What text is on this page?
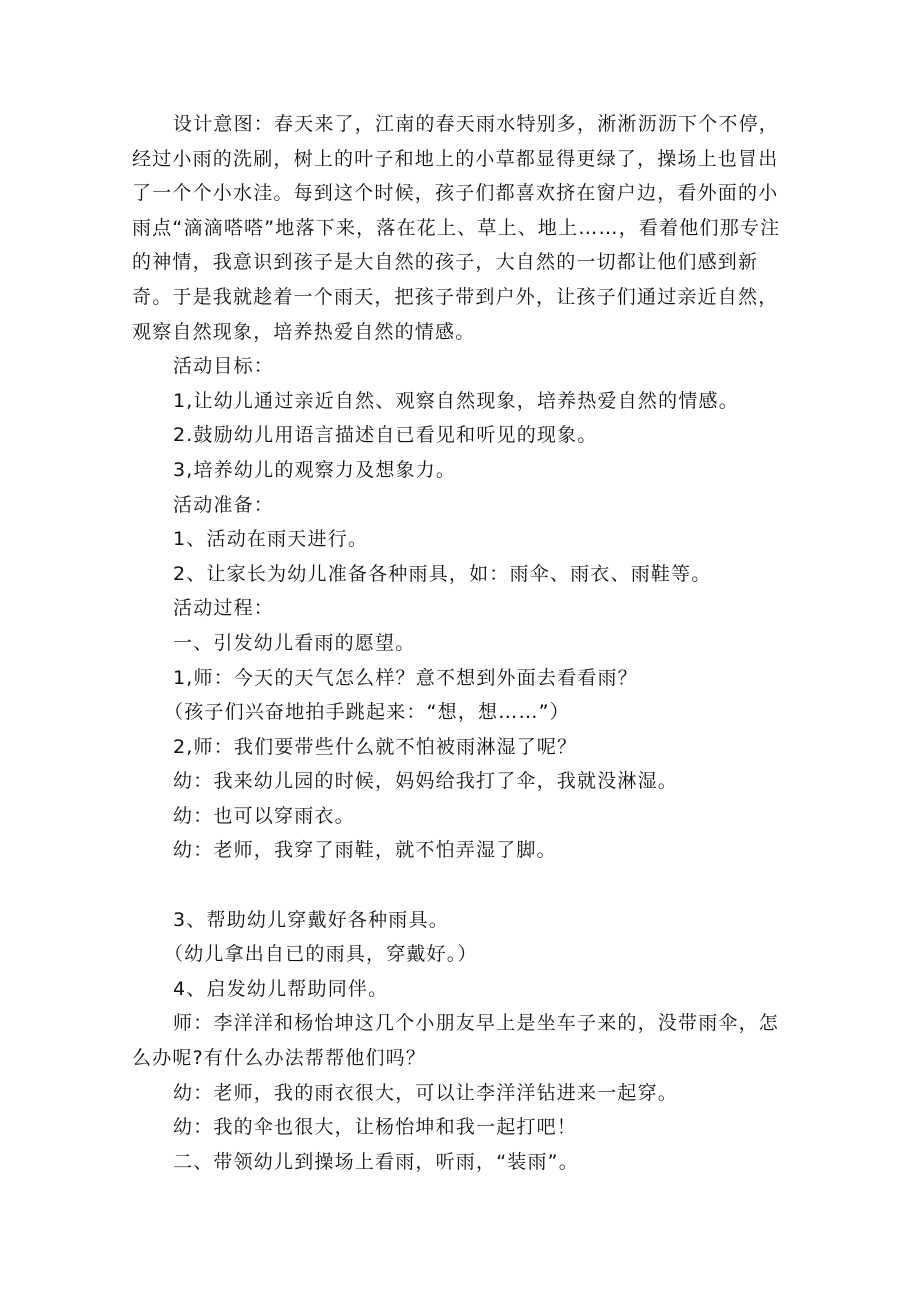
设计意图：春天来了，江南的春天雨水特别多，淅淅沥沥下个不停，经过小雨的洗刷，树上的叶子和地上的小草都显得更绿了，操场上也冒出了一个个小水洼。每到这个时候，孩子们都喜欢挤在窗户边，看外面的小雨点“滴滴嗒嗒”地落下来，落在花上、草上、地上……，看着他们那专注的神情，我意识到孩子是大自然的孩子，大自然的一切都让他们感到新奇。于是我就趁着一个雨天，把孩子带到户外，让孩子们通过亲近自然，观察自然现象，培养热爱自然的情感。

活动目标：

1,让幼儿通过亲近自然、观察自然现象，培养热爱自然的情感。

2.鼓励幼儿用语言描述自已看见和听见的现象。

3,培养幼儿的观察力及想象力。

活动准备：

1、活动在雨天进行。

2、让家长为幼儿准备各种雨具，如：雨伞、雨衣、雨鞋等。

活动过程：

一、引发幼儿看雨的愿望。

1,师：今天的天气怎么样？意不想到外面去看看雨？

（孩子们兴奋地拍手跳起来：“想，想……”）

2,师：我们要带些什么就不怕被雨淋湿了呢？

幼：我来幼儿园的时候，妈妈给我打了伞，我就没淋湿。

幼：也可以穿雨衣。

幼：老师，我穿了雨鞋，就不怕弄湿了脚。

3、帮助幼儿穿戴好各种雨具。

（幼儿拿出自已的雨具，穿戴好。）

4、启发幼儿帮助同伴。

师：李洋洋和杨怡坤这几个小朋友早上是坐车子来的，没带雨伞，怎么办呢?有什么办法帮帮他们吗？

幼：老师，我的雨衣很大，可以让李洋洋钻进来一起穿。

幼：我的伞也很大，让杨怡坤和我一起打吧！

二、带领幼儿到操场上看雨，听雨，“装雨”。
